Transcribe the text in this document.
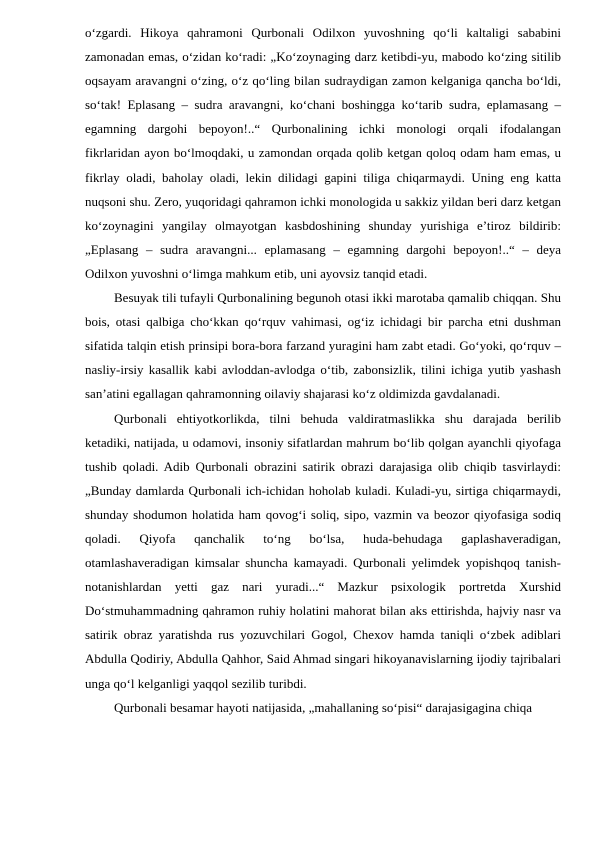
o‘zgardi. Hikoya qahramoni Qurbonali Odilxon yuvoshning qo‘li kaltaligi sababini zamonadan emas, o‘zidan ko‘radi: „Ko‘zoynaging darz ketibdi-yu, mabodo ko‘zing sitilib oqsayam aravangni o‘zing, o‘z qo‘ling bilan sudraydigan zamon kelganiga qancha bo‘ldi, so‘tak! Eplasang – sudra aravangni, ko‘chani boshingga ko‘tarib sudra, eplamasang – egamning dargohi bepoyon!..“ Qurbonalining ichki monologi orqali ifodalangan fikrlaridan ayon bo‘lmoqdaki, u zamondan orqada qolib ketgan qoloq odam ham emas, u fikrlay oladi, baholay oladi, lekin dilidagi gapini tiliga chiqarmaydi. Uning eng katta nuqsoni shu. Zero, yuqoridagi qahramon ichki monologida u sakkiz yildan beri darz ketgan ko‘zoynagini yangilay olmayotgan kasbdoshining shunday yurishiga e’tiroz bildirib: „Eplasang – sudra aravangni... eplamasang – egamning dargohi bepoyon!..“ – deya Odilxon yuvoshni o‘limga mahkum etib, uni ayovsiz tanqid etadi.

Besuyak tili tufayli Qurbonalining begunoh otasi ikki marotaba qamalib chiqqan. Shu bois, otasi qalbiga cho‘kkan qo‘rquv vahimasi, og‘iz ichidagi bir parcha etni dushman sifatida talqin etish prinsipi bora-bora farzand yuragini ham zabt etadi. Go‘yoki, qo‘rquv – nasliy-irsiy kasallik kabi avloddan-avlodga o‘tib, zabonsizlik, tilini ichiga yutib yashash san’atini egallagan qahramonning oilaviy shajarasi ko‘z oldimizda gavdalanadi.

Qurbonali ehtiyotkorlikda, tilni behuda valdiratmaslikka shu darajada berilib ketadiki, natijada, u odamovi, insoniy sifatlardan mahrum bo‘lib qolgan ayanchli qiyofaga tushib qoladi. Adib Qurbonali obrazini satirik obrazi darajasiga olib chiqib tasvirlaydi: „Bunday damlarda Qurbonali ich-ichidan hoholab kuladi. Kuladi-yu, sirtiga chiqarmaydi, shunday shodumon holatida ham qovog‘i soliq, sipo, vazmin va beozor qiyofasiga sodiq qoladi. Qiyofa qanchalik to‘ng bo‘lsa, huda-behudaga gaplashaveradigan, otamlashaveradigan kimsalar shuncha kamayadi. Qurbonali yelimdek yopishqoq tanish-notanishlardan yetti gaz nari yuradi...“ Mazkur psixologik portretda Xurshid Do‘stmuhammadning qahramon ruhiy holatini mahorat bilan aks ettirishda, hajviy nasr va satirik obraz yaratishda rus yozuvchilari Gogol, Chexov hamda taniqli o‘zbek adiblari Abdulla Qodiriy, Abdulla Qahhor, Said Ahmad singari hikoyanavislarning ijodiy tajribalari unga qo‘l kelganligi yaqqol sezilib turibdi.

Qurbonali besamar hayoti natijasida, „mahallaning so‘pisi“ darajasigagina chiqa
